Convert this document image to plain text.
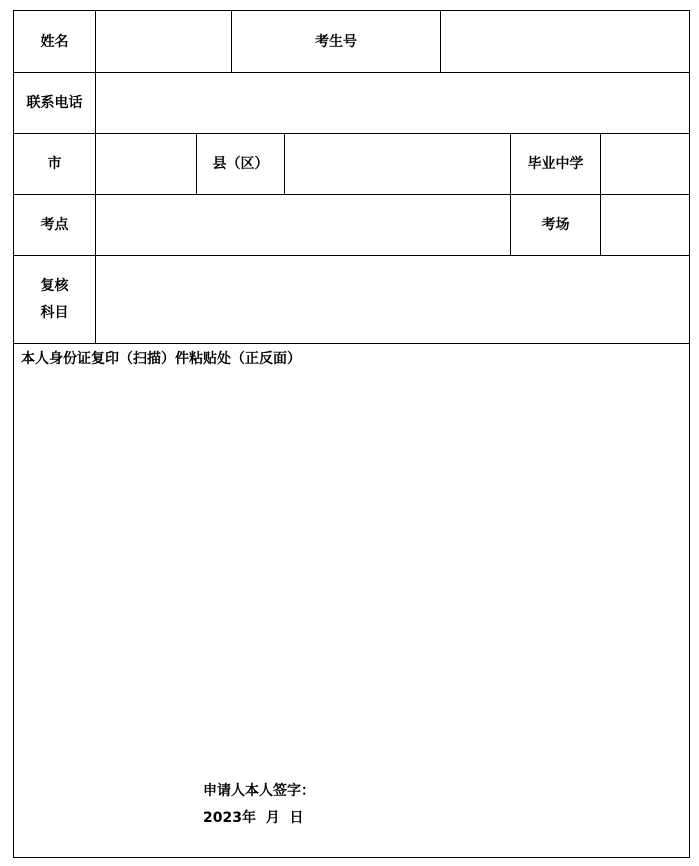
姓名	考生号
联系电话
市	县（区）	毕业中学
考点	考场
复核
科目
本人身份证复印（扫描）件粘贴处（正反面）
申请人本人签字：
2023年  月  日
